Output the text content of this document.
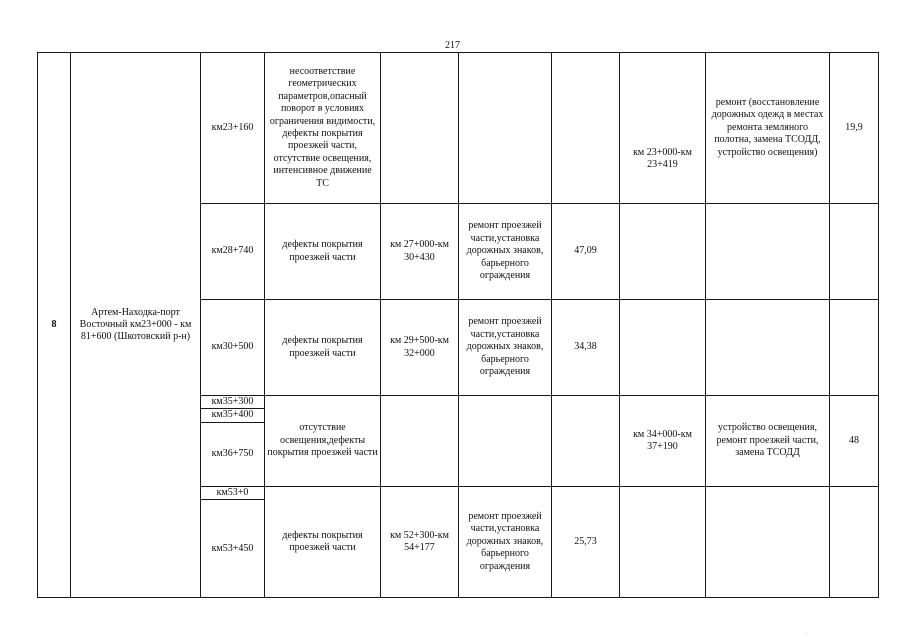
217
8	Артем-Находка-порт Восточный км23+000 - км 81+600 (Шкотовский р-н)	км23+160	несоответствие геометрических параметров,опасный поворот в условиях ограничения видимости, дефекты покрытия проезжей части, отсутствие освещения, интенсивное движение ТС				км 23+000-км 23+419	ремонт (восстановление дорожных одежд в местах ремонта земляного полотна, замена ТСОДД, устройство освещения)	19,9
		км28+740	дефекты покрытия проезжей части	км 27+000-км 30+430	ремонт проезжей части,установка дорожных знаков, барьерного ограждения	47,09			
		км30+500	дефекты покрытия проезжей части	км 29+500-км 32+000	ремонт проезжей части,установка дорожных знаков, барьерного ограждения	34,38			
		км35+300	отсутствие освещения,дефекты покрытия проезжей части				км 34+000-км 37+190	устройство освещения, ремонт проезжей части, замена ТСОДД	48
		км35+400							
		км36+750							
		км53+0	дефекты покрытия проезжей части	км 52+300-км 54+177	ремонт проезжей части,установка дорожных знаков, барьерного ограждения	25,73			
		км53+450							
·
